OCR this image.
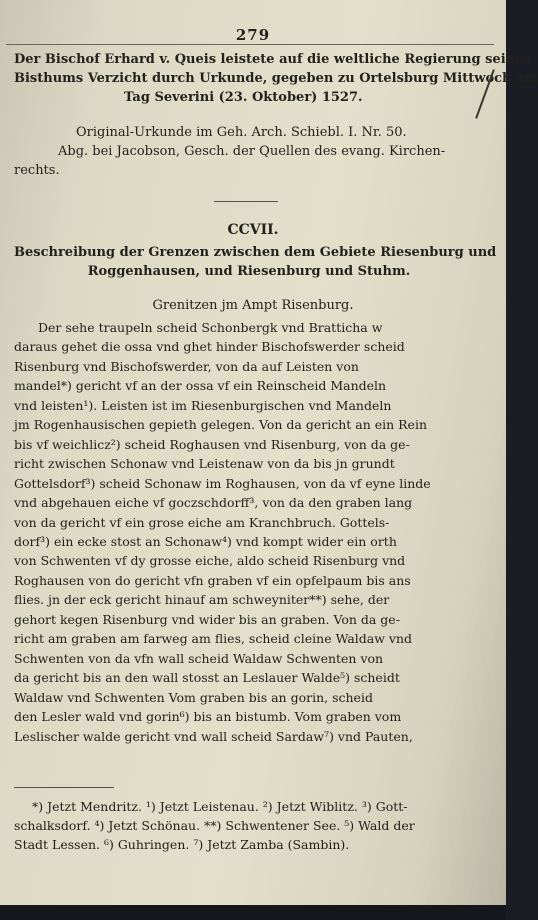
279
Der Bischof Erhard v. Queis leistete auf die weltliche Regierung seines
Bisthums Verzicht durch Urkunde, gegeben zu Ortelsburg Mittwoch am
Tag Severini (23. Oktober) 1527.
Original-Urkunde im Geh. Arch. Schiebl. I. Nr. 50.
Abg. bei Jacobson, Gesch. der Quellen des evang. Kirchen-
rechts.
CCVII.
Beschreibung der Grenzen zwischen dem Gebiete Riesenburg und
Roggenhausen, und Riesenburg und Stuhm.
Grenitzen jm Ampt Risenburg.
Der sehe traupeln scheid Schonbergk vnd Bratticha w
daraus gehet die ossa vnd ghet hinder Bischofswerder scheid
Risenburg vnd Bischofswerder, von da auf Leisten von
mandel*) gericht vf an der ossa vf ein Reinscheid Mandeln
vnd leisten¹). Leisten ist im Riesenburgischen vnd Mandeln
jm Rogenhausischen gepieth gelegen. Von da gericht an ein Rein
bis vf weichlicz²) scheid Roghausen vnd Risenburg, von da ge-
richt zwischen Schonaw vnd Leistenaw von da bis jn grundt
Gottelsdorf³) scheid Schonaw im Roghausen, von da vf eyne linde
vnd abgehauen eiche vf goczschdorff³, von da den graben lang
von da gericht vf ein grose eiche am Kranchbruch. Gottels-
dorf³) ein ecke stost an Schonaw⁴) vnd kompt wider ein orth
von Schwenten vf dy grosse eiche, aldo scheid Risenburg vnd
Roghausen von do gericht vfn graben vf ein opfelpaum bis ans
flies. jn der eck gericht hinauf am schweyniter**) sehe, der
gehort kegen Risenburg vnd wider bis an graben. Von da ge-
richt am graben am farweg am flies, scheid cleine Waldaw vnd
Schwenten von da vfn wall scheid Waldaw Schwenten von
da gericht bis an den wall stosst an Leslauer Walde⁵) scheidt
Waldaw vnd Schwenten Vom graben bis an gorin, scheid
den Lesler wald vnd gorin⁶) bis an bistumb. Vom graben vom
Leslischer walde gericht vnd wall scheid Sardaw⁷) vnd Pauten,
*) Jetzt Mendritz. ¹) Jetzt Leistenau. ²) Jetzt Wiblitz. ³) Gott-
schalksdorf. ⁴) Jetzt Schönau. **) Schwentener See. ⁵) Wald der
Stadt Lessen. ⁶) Guhringen. ⁷) Jetzt Zamba (Sambin).
